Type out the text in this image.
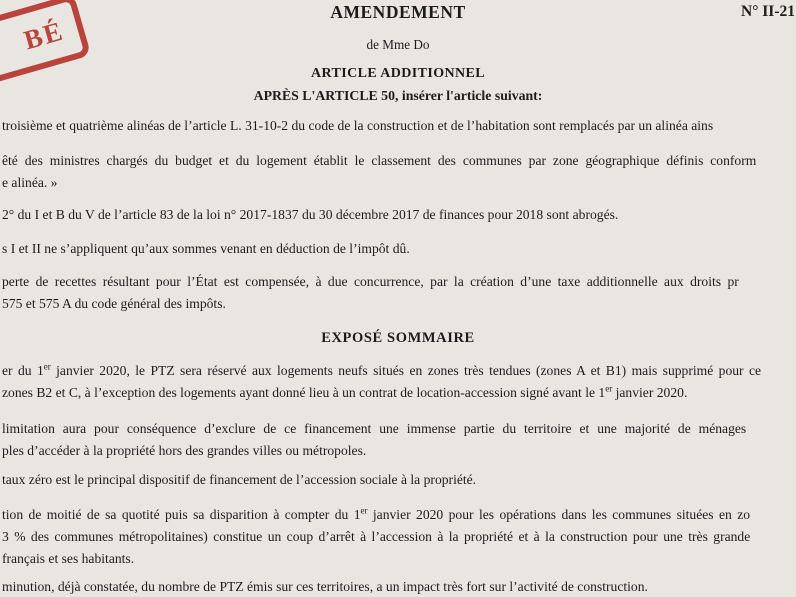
BÉ
AMENDEMENT	N° II-21
de Mme Do
ARTICLE ADDITIONNEL
APRÈS L'ARTICLE 50, insérer l'article suivant:
troisième et quatrième alinéas de l’article L. 31-10-2 du code de la construction et de l’habitation sont remplacés par un alinéa ains
êté des ministres chargés du budget et du logement établit le classement des communes par zone géographique définis conform
e alinéa. »
2° du I et B du V de l’article 83 de la loi n° 2017-1837 du 30 décembre 2017 de finances pour 2018 sont abrogés.
s I et II ne s’appliquent qu’aux sommes venant en déduction de l’impôt dû.
perte de recettes résultant pour l’État est compensée, à due concurrence, par la création d’une taxe additionnelle aux droits pr
575 et 575 A du code général des impôts.
EXPOSÉ SOMMAIRE
er du 1er janvier 2020, le PTZ sera réservé aux logements neufs situés en zones très tendues (zones A et B1) mais supprimé pour ce
zones B2 et C, à l’exception des logements ayant donné lieu à un contrat de location-accession signé avant le 1er janvier 2020.
limitation aura pour conséquence d’exclure de ce financement une immense partie du territoire et une majorité de ménages
ples d’accéder à la propriété hors des grandes villes ou métropoles.
taux zéro est le principal dispositif de financement de l’accession sociale à la propriété.
tion de moitié de sa quotité puis sa disparition à compter du 1er janvier 2020 pour les opérations dans les communes situées en zo
3 % des communes métropolitaines) constitue un coup d’arrêt à l’accession à la propriété et à la construction pour une très grande
français et ses habitants.
minution, déjà constatée, du nombre de PTZ émis sur ces territoires, a un impact très fort sur l’activité de construction.
